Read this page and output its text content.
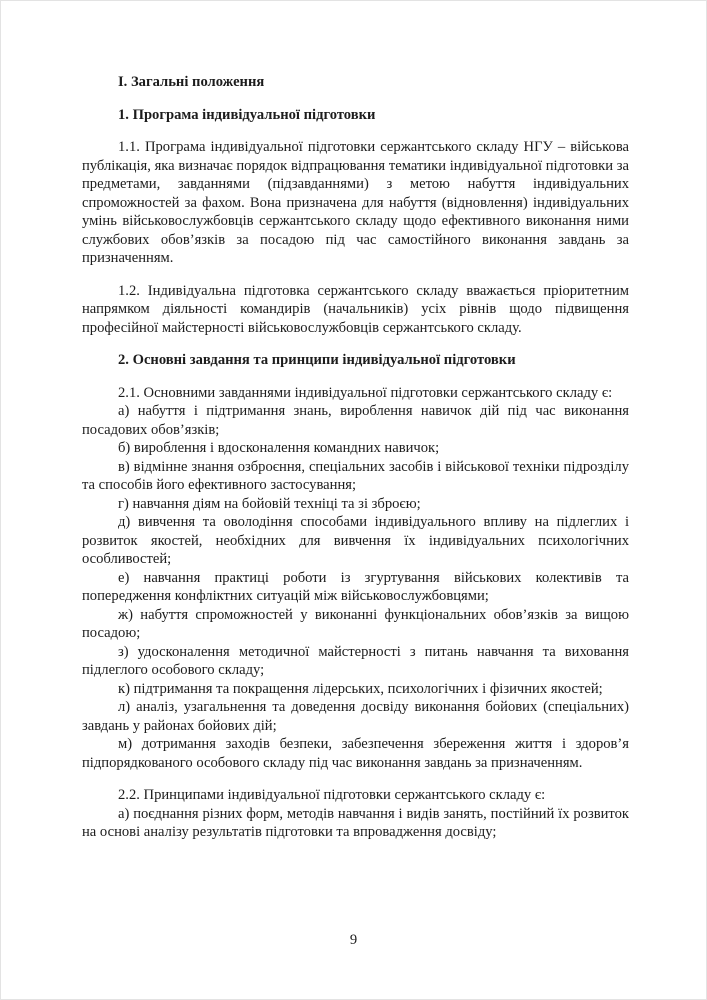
І. Загальні положення

1. Програма індивідуальної підготовки

1.1. Програма індивідуальної підготовки сержантського складу НГУ – військова публікація, яка визначає порядок відпрацювання тематики індивідуальної підготовки за предметами, завданнями (підзавданнями) з метою набуття індивідуальних спроможностей за фахом. Вона призначена для набуття (відновлення) індивідуальних умінь військовослужбовців сержантського складу щодо ефективного виконання ними службових обов’язків за посадою під час самостійного виконання завдань за призначенням.

1.2. Індивідуальна підготовка сержантського складу вважається пріоритетним напрямком діяльності командирів (начальників) усіх рівнів щодо підвищення професійної майстерності військовослужбовців сержантського складу.

2. Основні завдання та принципи індивідуальної підготовки

2.1. Основними завданнями індивідуальної підготовки сержантського складу є:

а) набуття і підтримання знань, вироблення навичок дій під час виконання посадових обов’язків;

б) вироблення і вдосконалення командних навичок;

в) відмінне знання озброєння, спеціальних засобів і військової техніки підрозділу та способів його ефективного застосування;

г) навчання діям на бойовій техніці та зі зброєю;

д) вивчення та оволодіння способами індивідуального впливу на підлеглих і розвиток якостей, необхідних для вивчення їх індивідуальних психологічних особливостей;

е) навчання практиці роботи із згуртування військових колективів та попередження конфліктних ситуацій між військовослужбовцями;

ж) набуття спроможностей у виконанні функціональних обов’язків за вищою посадою;

з) удосконалення методичної майстерності з питань навчання та виховання підлеглого особового складу;

к) підтримання та покращення лідерських, психологічних і фізичних якостей;

л) аналіз, узагальнення та доведення досвіду виконання бойових (спеціальних) завдань у районах бойових дій;

м) дотримання заходів безпеки, забезпечення збереження життя і здоров’я підпорядкованого особового складу під час виконання завдань за призначенням.

2.2. Принципами індивідуальної підготовки сержантського складу є:

а) поєднання різних форм, методів навчання і видів занять, постійний їх розвиток на основі аналізу результатів підготовки та впровадження досвіду;

9
